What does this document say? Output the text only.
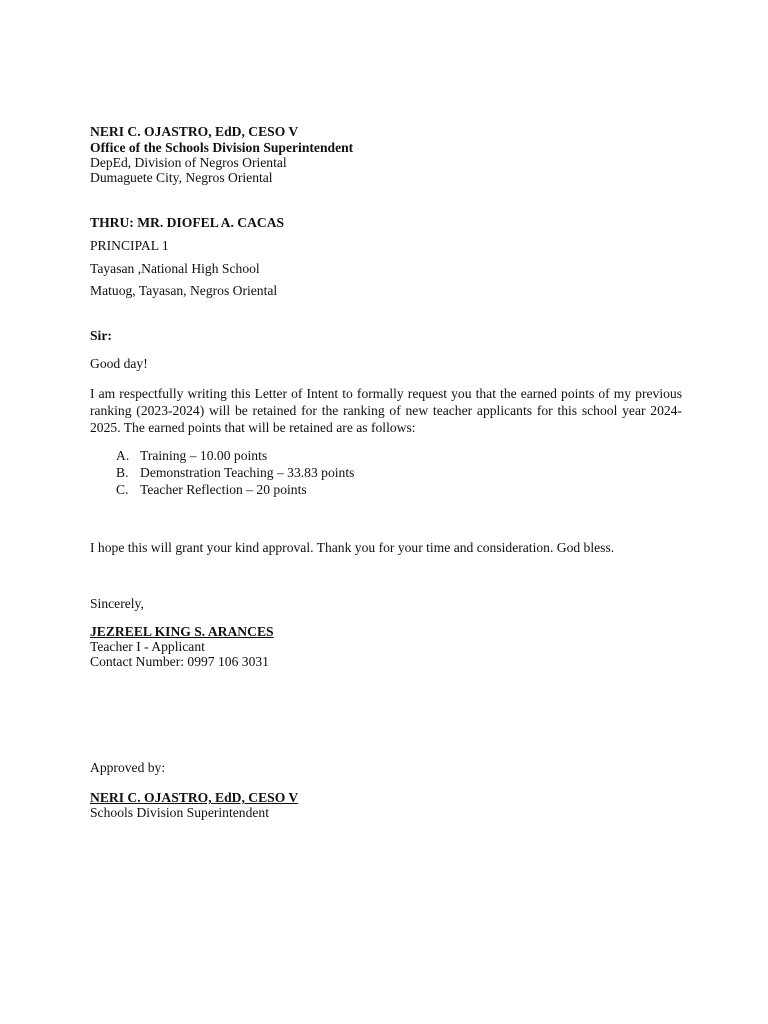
NERI C. OJASTRO, EdD, CESO V
Office of the Schools Division Superintendent
DepEd, Division of Negros Oriental
Dumaguete City, Negros Oriental
THRU: MR. DIOFEL A. CACAS
PRINCIPAL 1
Tayasan ,National High School
Matuog, Tayasan, Negros Oriental
Sir:
Good day!
I am respectfully writing this Letter of Intent to formally request you that the earned points of my previous ranking (2023-2024) will be retained for the ranking of new teacher applicants for this school year 2024-2025. The earned points that will be retained are as follows:
A. Training – 10.00 points
B. Demonstration Teaching – 33.83 points
C. Teacher Reflection – 20 points
I hope this will grant your kind approval. Thank you for your time and consideration. God bless.
Sincerely,
JEZREEL KING S. ARANCES
Teacher I - Applicant
Contact Number: 0997 106 3031
Approved by:
NERI C. OJASTRO, EdD, CESO V
Schools Division Superintendent
